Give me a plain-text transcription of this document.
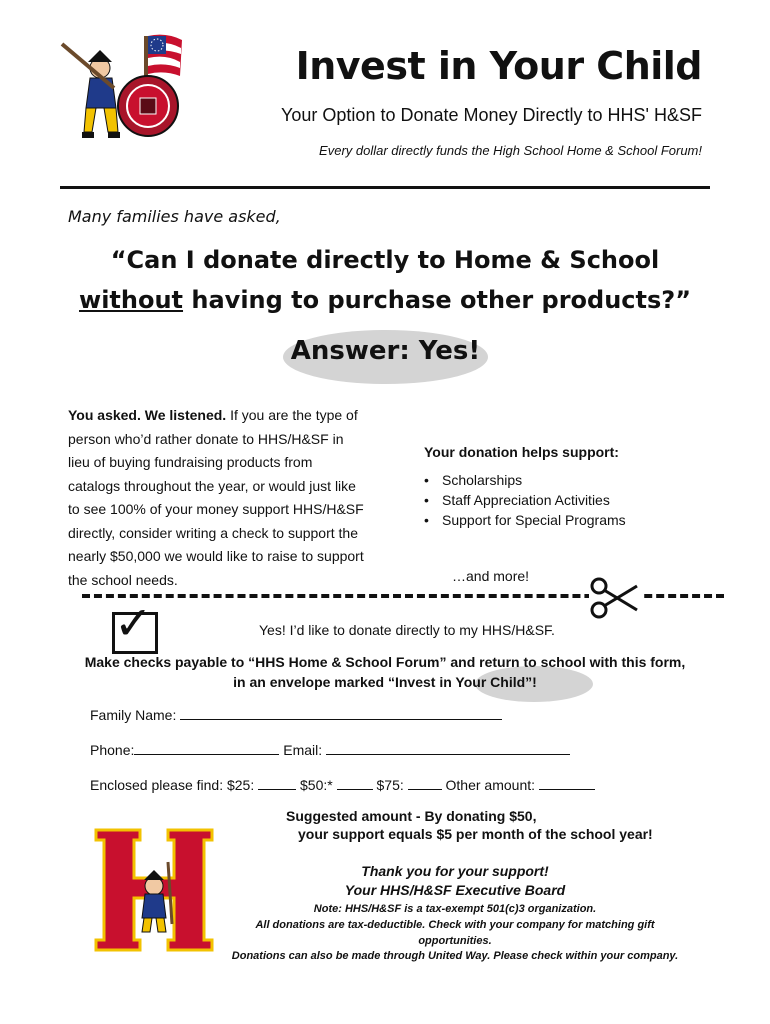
Invest in Your Child
Your Option to Donate Money Directly to HHS' H&SF
Every dollar directly funds the High School Home & School Forum!
Many families have asked,
“Can I donate directly to Home & School
without having to purchase other products?”
Answer: Yes!
You asked. We listened. If you are the type of person who’d rather donate to HHS/H&SF in lieu of buying fundraising products from catalogs throughout the year, or would just like to see 100% of your money support HHS/H&SF directly, consider writing a check to support the nearly $50,000 we would like to raise to support the school needs.
Your donation helps support:
• Scholarships
• Staff Appreciation Activities
• Support for Special Programs
…and more!
✓	Yes! I’d like to donate directly to my HHS/H&SF.
Make checks payable to “HHS Home & School Forum” and return to school with this form,
in an envelope marked “Invest in Your Child”!
Family Name:
Phone:	Email:
Enclosed please find: $25:	$50:*	$75:	Other amount:
Suggested amount - By donating $50,
your support equals $5 per month of the school year!
Thank you for your support!
Your HHS/H&SF Executive Board
Note: HHS/H&SF is a tax-exempt 501(c)3 organization.
All donations are tax-deductible. Check with your company for matching gift opportunities.
Donations can also be made through United Way. Please check within your company.
